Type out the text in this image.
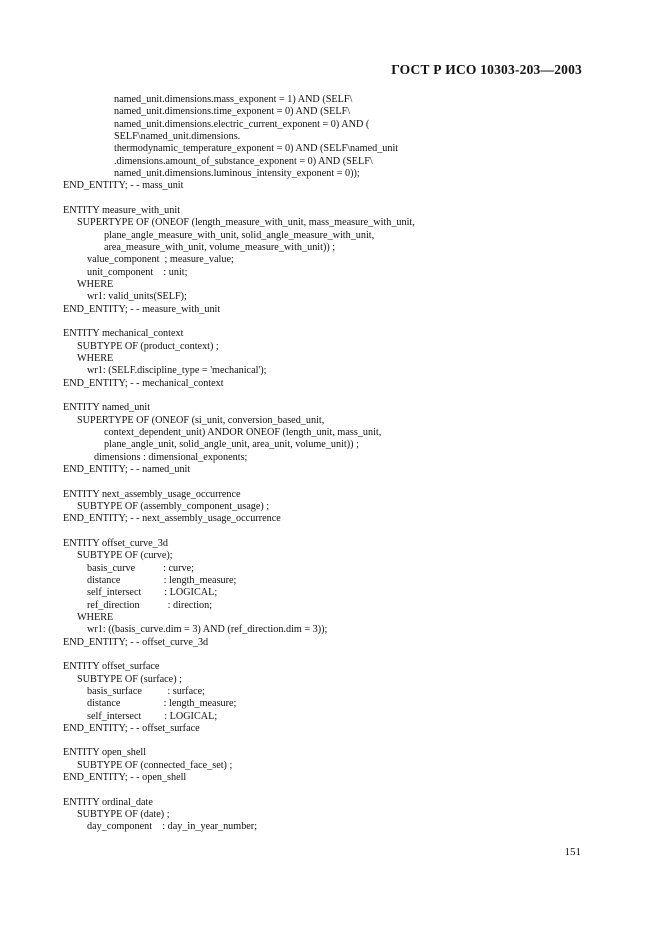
ГОСТ Р ИСО 10303-203—2003
named_unit.dimensions.mass_exponent = 1) AND (SELF\
named_unit.dimensions.time_exponent = 0) AND (SELF\
named_unit.dimensions.electric_current_exponent = 0) AND (
SELF\named_unit.dimensions.
thermodynamic_temperature_exponent = 0) AND (SELF\named_unit
.dimensions.amount_of_substance_exponent = 0) AND (SELF\
named_unit.dimensions.luminous_intensity_exponent = 0));
END_ENTITY; - - mass_unit
ENTITY measure_with_unit
SUPERTYPE OF (ONEOF (length_measure_with_unit, mass_measure_with_unit,
plane_angle_measure_with_unit, solid_angle_measure_with_unit,
area_measure_with_unit, volume_measure_with_unit)) ;
value_component  ; measure_value;
unit_component    : unit;
WHERE
wr1: valid_units(SELF);
END_ENTITY; - - measure_with_unit
ENTITY mechanical_context
SUBTYPE OF (product_context) ;
WHERE
wr1: (SELF.discipline_type = 'mechanical');
END_ENTITY; - - mechanical_context
ENTITY named_unit
SUPERTYPE OF (ONEOF (si_unit, conversion_based_unit,
context_dependent_unit) ANDOR ONEOF (length_unit, mass_unit,
plane_angle_unit, solid_angle_unit, area_unit, volume_unit)) ;
dimensions : dimensional_exponents;
END_ENTITY; - - named_unit
ENTITY next_assembly_usage_occurrence
SUBTYPE OF (assembly_component_usage) ;
END_ENTITY; - - next_assembly_usage_occurrence
ENTITY offset_curve_3d
SUBTYPE OF (curve);
basis_curve           : curve;
distance                 : length_measure;
self_intersect         : LOGICAL;
ref_direction           : direction;
WHERE
wr1: ((basis_curve.dim = 3) AND (ref_direction.dim = 3));
END_ENTITY; - - offset_curve_3d
ENTITY offset_surface
SUBTYPE OF (surface) ;
basis_surface          : surface;
distance                 : length_measure;
self_intersect         : LOGICAL;
END_ENTITY; - - offset_surface
ENTITY open_shell
SUBTYPE OF (connected_face_set) ;
END_ENTITY; - - open_shell
ENTITY ordinal_date
SUBTYPE OF (date) ;
day_component    : day_in_year_number;
151
